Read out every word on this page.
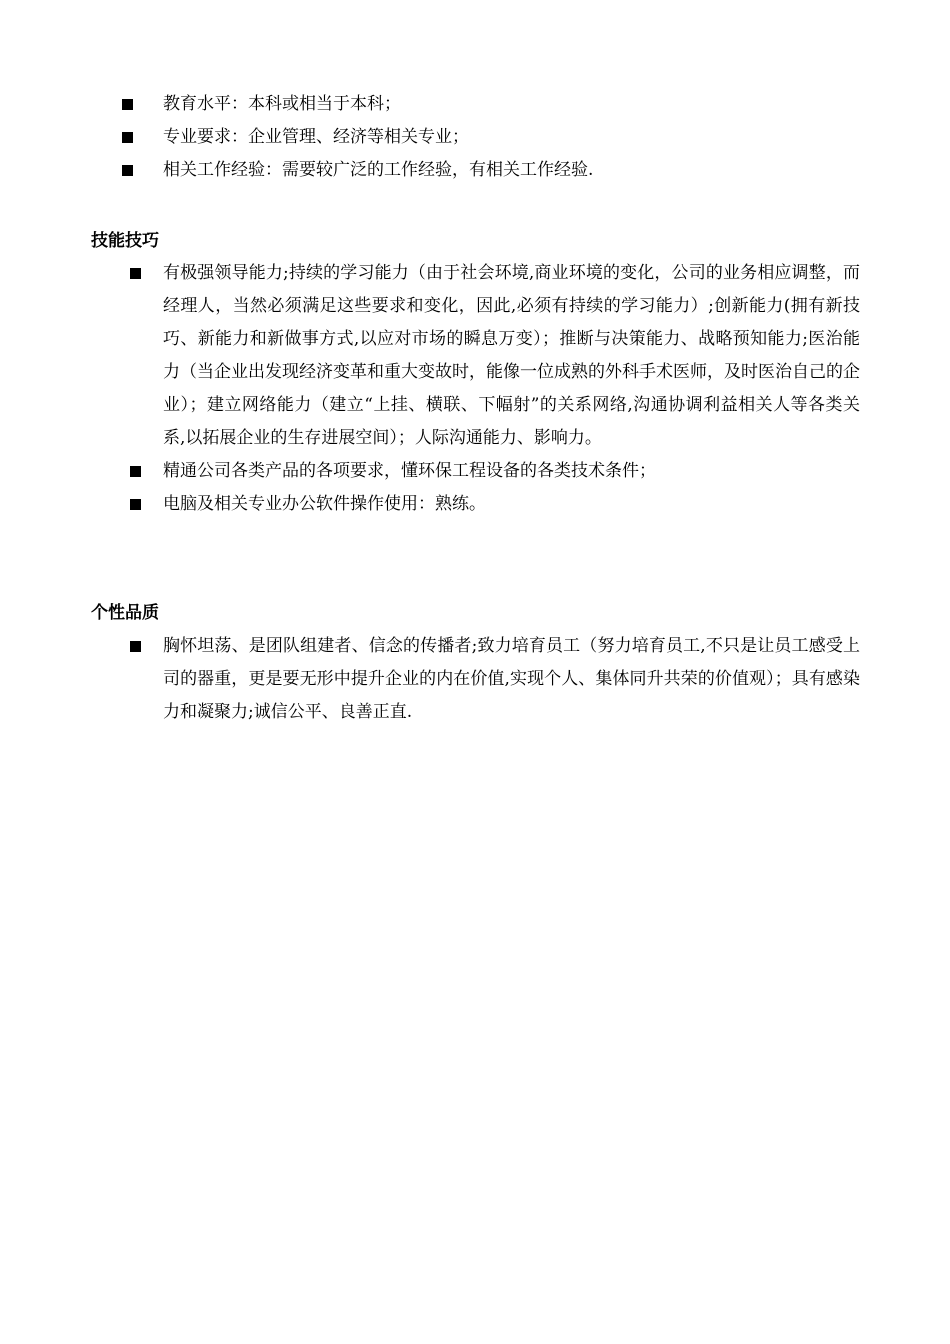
教育水平：本科或相当于本科；
专业要求：企业管理、经济等相关专业；
相关工作经验：需要较广泛的工作经验，有相关工作经验.
技能技巧
有极强领导能力;持续的学习能力（由于社会环境,商业环境的变化，公司的业务相应调整，而经理人，当然必须满足这些要求和变化，因此,必须有持续的学习能力）;创新能力(拥有新技巧、新能力和新做事方式,以应对市场的瞬息万变）；推断与决策能力、战略预知能力;医治能力（当企业出发现经济变革和重大变故时，能像一位成熟的外科手术医师，及时医治自己的企业）；建立网络能力（建立“上挂、横联、下幅射”的关系网络,沟通协调利益相关人等各类关系,以拓展企业的生存进展空间）；人际沟通能力、影响力。
精通公司各类产品的各项要求，懂环保工程设备的各类技术条件；
电脑及相关专业办公软件操作使用：熟练。
个性品质
胸怀坦荡、是团队组建者、信念的传播者;致力培育员工（努力培育员工,不只是让员工感受上司的器重，更是要无形中提升企业的内在价值,实现个人、集体同升共荣的价值观）；具有感染力和凝聚力;诚信公平、良善正直.
